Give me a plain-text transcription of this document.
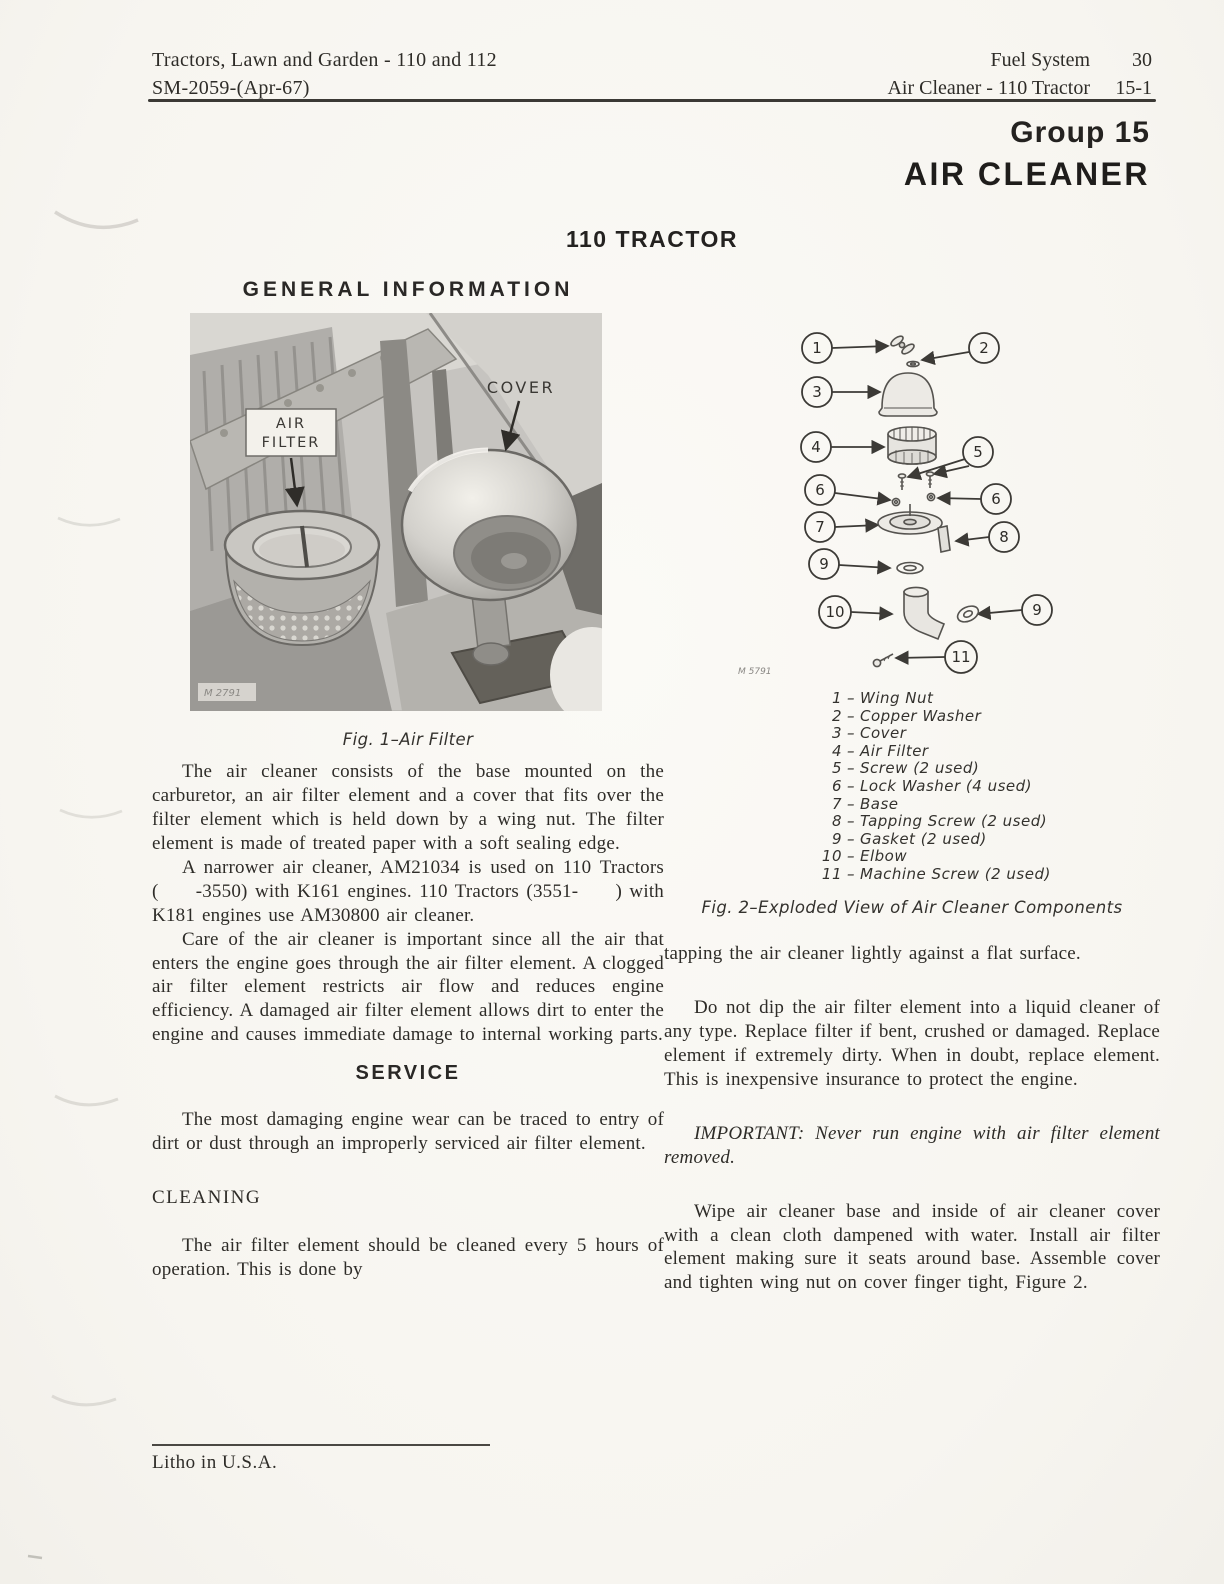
Tractors, Lawn and Garden - 110 and 112
SM-2059-(Apr-67)
Fuel System	30
Air Cleaner - 110 Tractor	15-1
Group 15
AIR CLEANER
110 TRACTOR
GENERAL INFORMATION
AIR
FILTER
COVER
M 2791
Fig. 1–Air Filter

The air cleaner consists of the base mounted on the carburetor, an air filter element and a cover that fits over the filter element which is held down by a wing nut. The filter element is made of treated paper with a soft sealing edge.

A narrower air cleaner, AM21034 is used on 110 Tractors (     -3550) with K161 engines. 110 Tractors (3551-     ) with K181 engines use AM30800 air cleaner.

Care of the air cleaner is important since all the air that enters the engine goes through the air filter element. A clogged air filter element restricts air flow and reduces engine efficiency. A damaged air filter element allows dirt to enter the engine and causes immediate damage to internal working parts.

SERVICE

The most damaging engine wear can be traced to entry of dirt or dust through an improperly serviced air filter element.

CLEANING

The air filter element should be cleaned every 5 hours of operation. This is done by

1	2
3
4	5
6	6
7
8
9
10	9
11
M 5791
1 – Wing Nut
2 – Copper Washer
3 – Cover
4 – Air Filter
5 – Screw (2 used)
6 – Lock Washer (4 used)
7 – Base
8 – Tapping Screw (2 used)
9 – Gasket (2 used)
10 – Elbow
11 – Machine Screw (2 used)
Fig. 2–Exploded View of Air Cleaner Components

tapping the air cleaner lightly against a flat surface.

Do not dip the air filter element into a liquid cleaner of any type. Replace filter if bent, crushed or damaged. Replace element if extremely dirty. When in doubt, replace element. This is inexpensive insurance to protect the engine.

IMPORTANT: Never run engine with air filter element removed.

Wipe air cleaner base and inside of air cleaner cover with a clean cloth dampened with water. Install air filter element making sure it seats around base. Assemble cover and tighten wing nut on cover finger tight, Figure 2.

Litho in U.S.A.
